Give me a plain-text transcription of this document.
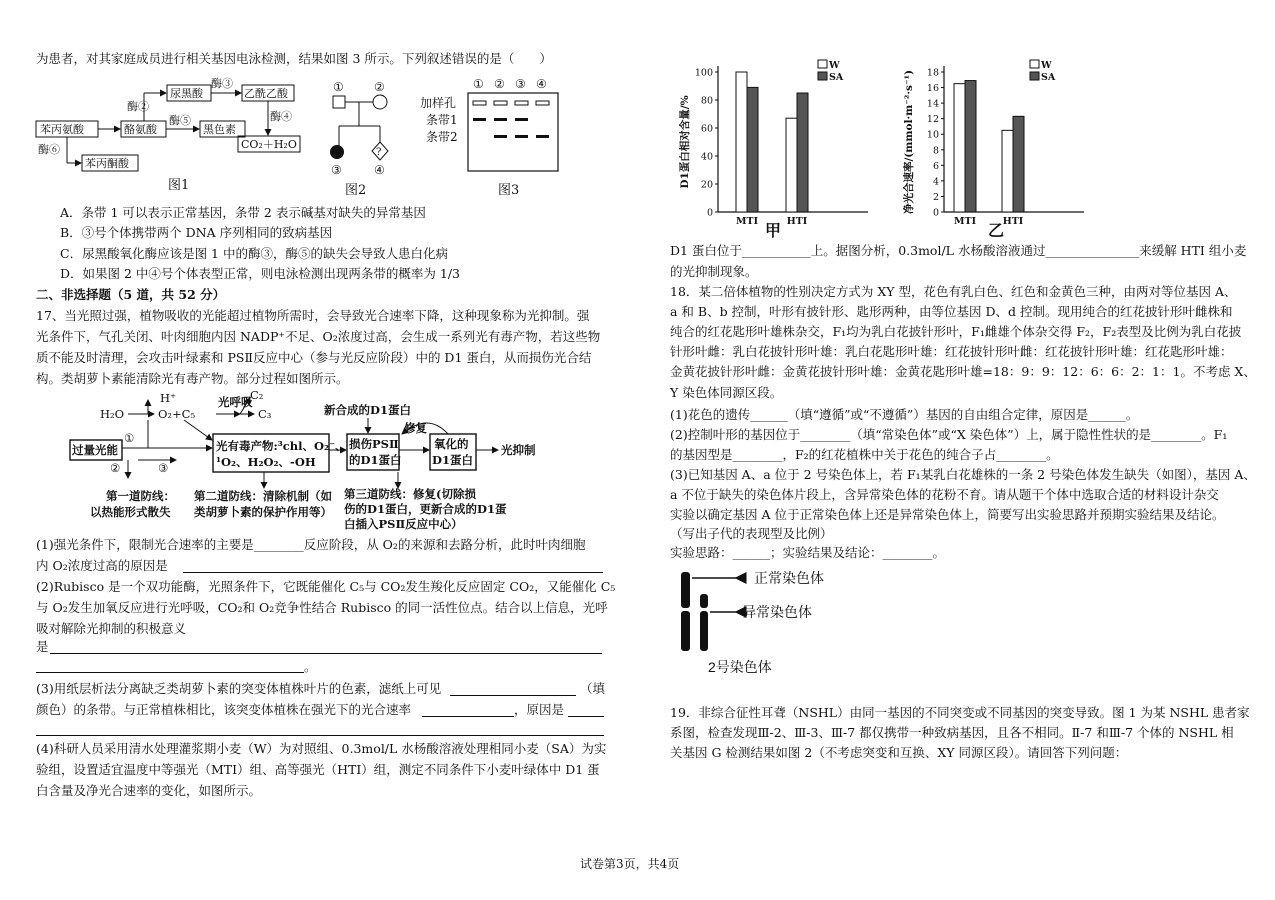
为患者，对其家庭成员进行相关基因电泳检测，结果如图 3 所示。下列叙述错误的是（　　）
苯丙氨酸	酪氨酸
尿黑酸	乙酰乙酸
黑色素
CO₂＋H₂O
苯丙酮酸
酶②
酶③
酶④
酶⑤
酶⑥
图1
①	②
?
③	④
图2
① ② ③ ④
加样孔
条带1
条带2
图3
A．条带 1 可以表示正常基因，条带 2 表示碱基对缺失的异常基因
B．③号个体携带两个 DNA 序列相同的致病基因
C．尿黑酸氧化酶应该是图 1 中的酶③，酶⑤的缺失会导致人患白化病
D．如果图 2 中④号个体表型正常，则电泳检测出现两条带的概率为 1/3
二、非选择题（5 道，共 52 分）
17、当光照过强，植物吸收的光能超过植物所需时，会导致光合速率下降，这种现象称为光抑制。强
光条件下，气孔关闭、叶肉细胞内因 NADP⁺不足、O₂浓度过高，会生成一系列光有毒产物，若这些物
质不能及时清理，会攻击叶绿素和 PSⅡ反应中心（参与光反应阶段）中的 D1 蛋白，从而损伤光合结
构。类胡萝卜素能清除光有毒产物。部分过程如图所示。
H₂O
H⁺
O₂+C₅
光呼吸
C₂
C₃	新合成的D1蛋白
过量光能
①
②	③
光有毒产物:³chl、O₂⁻、
¹O₂、H₂O₂、-OH
损伤PSⅡ
的D1蛋白
修复
氧化的
D1蛋白
光抑制
第一道防线：
以热能形式散失
第二道防线：清除机制（如
类胡萝卜素的保护作用等）
第三道防线：修复(切除损
伤的D1蛋白，更新合成的D1蛋
白插入PSⅡ反应中心）
(1)强光条件下，限制光合速率的主要是________反应阶段，从 O₂的来源和去路分析，此时叶肉细胞
内 O₂浓度过高的原因是
(2)Rubisco 是一个双功能酶，光照条件下，它既能催化 C₅与 CO₂发生羧化反应固定 CO₂，又能催化 C₅
与 O₂发生加氧反应进行光呼吸，CO₂和 O₂竞争性结合 Rubisco 的同一活性位点。结合以上信息，光呼
吸对解除光抑制的积极意义
是
。
(3)用纸层析法分离缺乏类胡萝卜素的突变体植株叶片的色素，滤纸上可见	（填
颜色）的条带。与正常植株相比，该突变体植株在强光下的光合速率	，原因是
(4)科研人员采用清水处理灌浆期小麦（W）为对照组、0.3mol/L 水杨酸溶液处理相同小麦（SA）为实
验组，设置适宜温度中等强光（MTI）组、高等强光（HTI）组，测定不同条件下小麦叶绿体中 D1 蛋
白含量及净光合速率的变化，如图所示。
0
20
40
60
80
100
MTI	HTI
W
SA
D1蛋白相对含量/%
甲
0
2
4
6
8
10
12
14
16
18
MTI	HTI
W
SA
净光合速率/(mmol·m⁻²·s⁻¹)
乙
D1 蛋白位于___________上。据图分析，0.3mol/L 水杨酸溶液通过_______________来缓解 HTI 组小麦
的光抑制现象。
18．某二倍体植物的性别决定方式为 XY 型，花色有乳白色、红色和金黄色三种，由两对等位基因 A、
a 和 B、b 控制，叶形有披针形、匙形两种，由等位基因 D、d 控制。现用纯合的红花披针形叶雌株和
纯合的红花匙形叶雄株杂交，F₁均为乳白花披针形叶，F₁雌雄个体杂交得 F₂，F₂表型及比例为乳白花披
针形叶雌：乳白花披针形叶雄：乳白花匙形叶雄：红花披针形叶雌：红花披针形叶雄：红花匙形叶雄：
金黄花披针形叶雌：金黄花披针形叶雄：金黄花匙形叶雄=18：9：9：12：6：6：2：1：1。不考虑 X、
Y 染色体同源区段。
(1)花色的遗传______（填“遵循”或“不遵循”）基因的自由组合定律，原因是______。
(2)控制叶形的基因位于________（填“常染色体”或“X 染色体”）上，属于隐性性状的是________。F₁
的基因型是________，F₂的红花植株中关于花色的纯合子占________。
(3)已知基因 A、a 位于 2 号染色体上，若 F₁某乳白花雄株的一条 2 号染色体发生缺失（如图），基因 A、
a 不位于缺失的染色体片段上，含异常染色体的花粉不育。请从题干个体中选取合适的材料设计杂交
实验以确定基因 A 位于正常染色体上还是异常染色体上，简要写出实验思路并预期实验结果及结论。
（写出子代的表现型及比例）
实验思路：______；实验结果及结论：________。
正常染色体
异常染色体
2号染色体
19．非综合征性耳聋（NSHL）由同一基因的不同突变或不同基因的突变导致。图 1 为某 NSHL 患者家
系图，检查发现Ⅲ-2、Ⅲ-3、Ⅲ-7 都仅携带一种致病基因，且各不相同。Ⅱ-7 和Ⅲ-7 个体的 NSHL 相
关基因 G 检测结果如图 2（不考虑突变和互换、XY 同源区段）。请回答下列问题：
试卷第3页，共4页
